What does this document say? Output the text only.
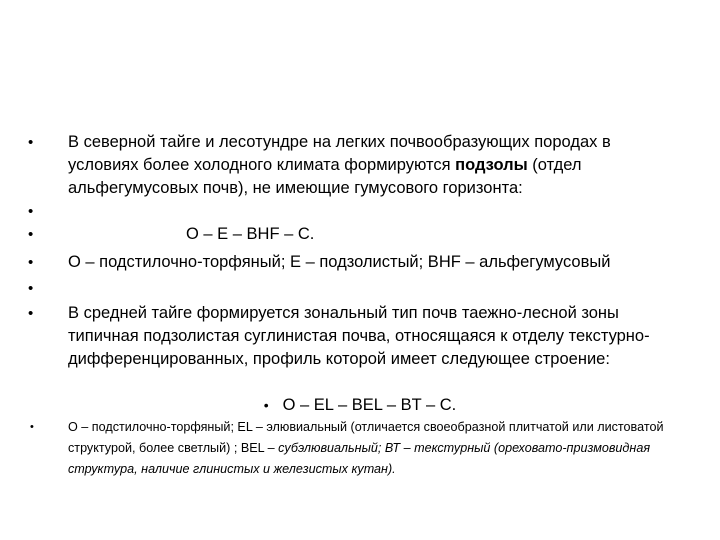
• В северной тайге и лесотундре на легких почвообразующих породах в условиях более холодного климата формируются подзолы (отдел альфегумусовых почв), не имеющие гумусового горизонта:
•
•	О – Е – ВНF – С.
• О – подстилочно-торфяный; Е – подзолистый; ВНF – альфегумусовый
•
• В средней тайге формируется зональный тип почв таежно-лесной зоны типичная подзолистая суглинистая почва, относящаяся к отделу текстурно-дифференцированных, профиль которой имеет следующее строение:
• О – EL – BEL – BT – C.
•	О – подстилочно-торфяный; EL – элювиальный (отличается своеобразной плитчатой или листоватой структурой, более светлый) ; BEL – субэлювиальный; ВТ – текстурный (ореховато-призмовидная структура, наличие глинистых и железистых кутан).
